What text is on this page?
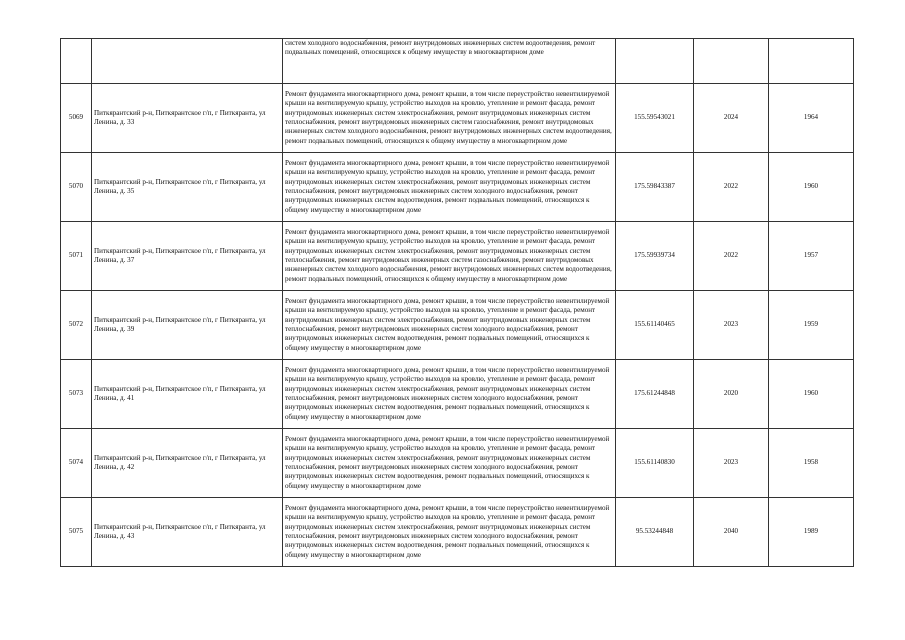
		систем холодного водоснабжения, ремонт внутридомовых инженерных систем водоотведения, ремонт подвальных помещений, относящихся к общему имуществу в многоквартирном доме			
5069	Питкярантский р-н, Питкярантское г/п, г Питкяранта, ул Ленина, д. 33	Ремонт фундамента многоквартирного дома, ремонт крыши, в том числе переустройство невентилируемой крыши на вентилируемую крышу, устройство выходов на кровлю, утепление и ремонт фасада, ремонт внутридомовых инженерных систем электроснабжения, ремонт внутридомовых инженерных систем теплоснабжения, ремонт внутридомовых инженерных систем газоснабжения, ремонт внутридомовых инженерных систем холодного водоснабжения, ремонт внутридомовых инженерных систем водоотведения, ремонт подвальных помещений, относящихся к общему имуществу в многоквартирном доме	155.59543021	2024	1964
5070	Питкярантский р-н, Питкярантское г/п, г Питкяранта, ул Ленина, д. 35	Ремонт фундамента многоквартирного дома, ремонт крыши, в том числе переустройство невентилируемой крыши на вентилируемую крышу, устройство выходов на кровлю, утепление и ремонт фасада, ремонт внутридомовых инженерных систем электроснабжения, ремонт внутридомовых инженерных систем теплоснабжения, ремонт внутридомовых инженерных систем холодного водоснабжения, ремонт внутридомовых инженерных систем водоотведения, ремонт подвальных помещений, относящихся к общему имуществу в многоквартирном доме	175.59843387	2022	1960
5071	Питкярантский р-н, Питкярантское г/п, г Питкяранта, ул Ленина, д. 37	Ремонт фундамента многоквартирного дома, ремонт крыши, в том числе переустройство невентилируемой крыши на вентилируемую крышу, устройство выходов на кровлю, утепление и ремонт фасада, ремонт внутридомовых инженерных систем электроснабжения, ремонт внутридомовых инженерных систем теплоснабжения, ремонт внутридомовых инженерных систем газоснабжения, ремонт внутридомовых инженерных систем холодного водоснабжения, ремонт внутридомовых инженерных систем водоотведения, ремонт подвальных помещений, относящихся к общему имуществу в многоквартирном доме	175.59939734	2022	1957
5072	Питкярантский р-н, Питкярантское г/п, г Питкяранта, ул Ленина, д. 39	Ремонт фундамента многоквартирного дома, ремонт крыши, в том числе переустройство невентилируемой крыши на вентилируемую крышу, устройство выходов на кровлю, утепление и ремонт фасада, ремонт внутридомовых инженерных систем электроснабжения, ремонт внутридомовых инженерных систем теплоснабжения, ремонт внутридомовых инженерных систем холодного водоснабжения, ремонт внутридомовых инженерных систем водоотведения, ремонт подвальных помещений, относящихся к общему имуществу в многоквартирном доме	155.61140465	2023	1959
5073	Питкярантский р-н, Питкярантское г/п, г Питкяранта, ул Ленина, д. 41	Ремонт фундамента многоквартирного дома, ремонт крыши, в том числе переустройство невентилируемой крыши на вентилируемую крышу, устройство выходов на кровлю, утепление и ремонт фасада, ремонт внутридомовых инженерных систем электроснабжения, ремонт внутридомовых инженерных систем теплоснабжения, ремонт внутридомовых инженерных систем холодного водоснабжения, ремонт внутридомовых инженерных систем водоотведения, ремонт подвальных помещений, относящихся к общему имуществу в многоквартирном доме	175.61244848	2020	1960
5074	Питкярантский р-н, Питкярантское г/п, г Питкяранта, ул Ленина, д. 42	Ремонт фундамента многоквартирного дома, ремонт крыши, в том числе переустройство невентилируемой крыши на вентилируемую крышу, устройство выходов на кровлю, утепление и ремонт фасада, ремонт внутридомовых инженерных систем электроснабжения, ремонт внутридомовых инженерных систем теплоснабжения, ремонт внутридомовых инженерных систем холодного водоснабжения, ремонт внутридомовых инженерных систем водоотведения, ремонт подвальных помещений, относящихся к общему имуществу в многоквартирном доме	155.61140830	2023	1958
5075	Питкярантский р-н, Питкярантское г/п, г Питкяранта, ул Ленина, д. 43	Ремонт фундамента многоквартирного дома, ремонт крыши, в том числе переустройство невентилируемой крыши на вентилируемую крышу, устройство выходов на кровлю, утепление и ремонт фасада, ремонт внутридомовых инженерных систем электроснабжения, ремонт внутридомовых инженерных систем теплоснабжения, ремонт внутридомовых инженерных систем холодного водоснабжения, ремонт внутридомовых инженерных систем водоотведения, ремонт подвальных помещений, относящихся к общему имуществу в многоквартирном доме	95.53244848	2040	1989
